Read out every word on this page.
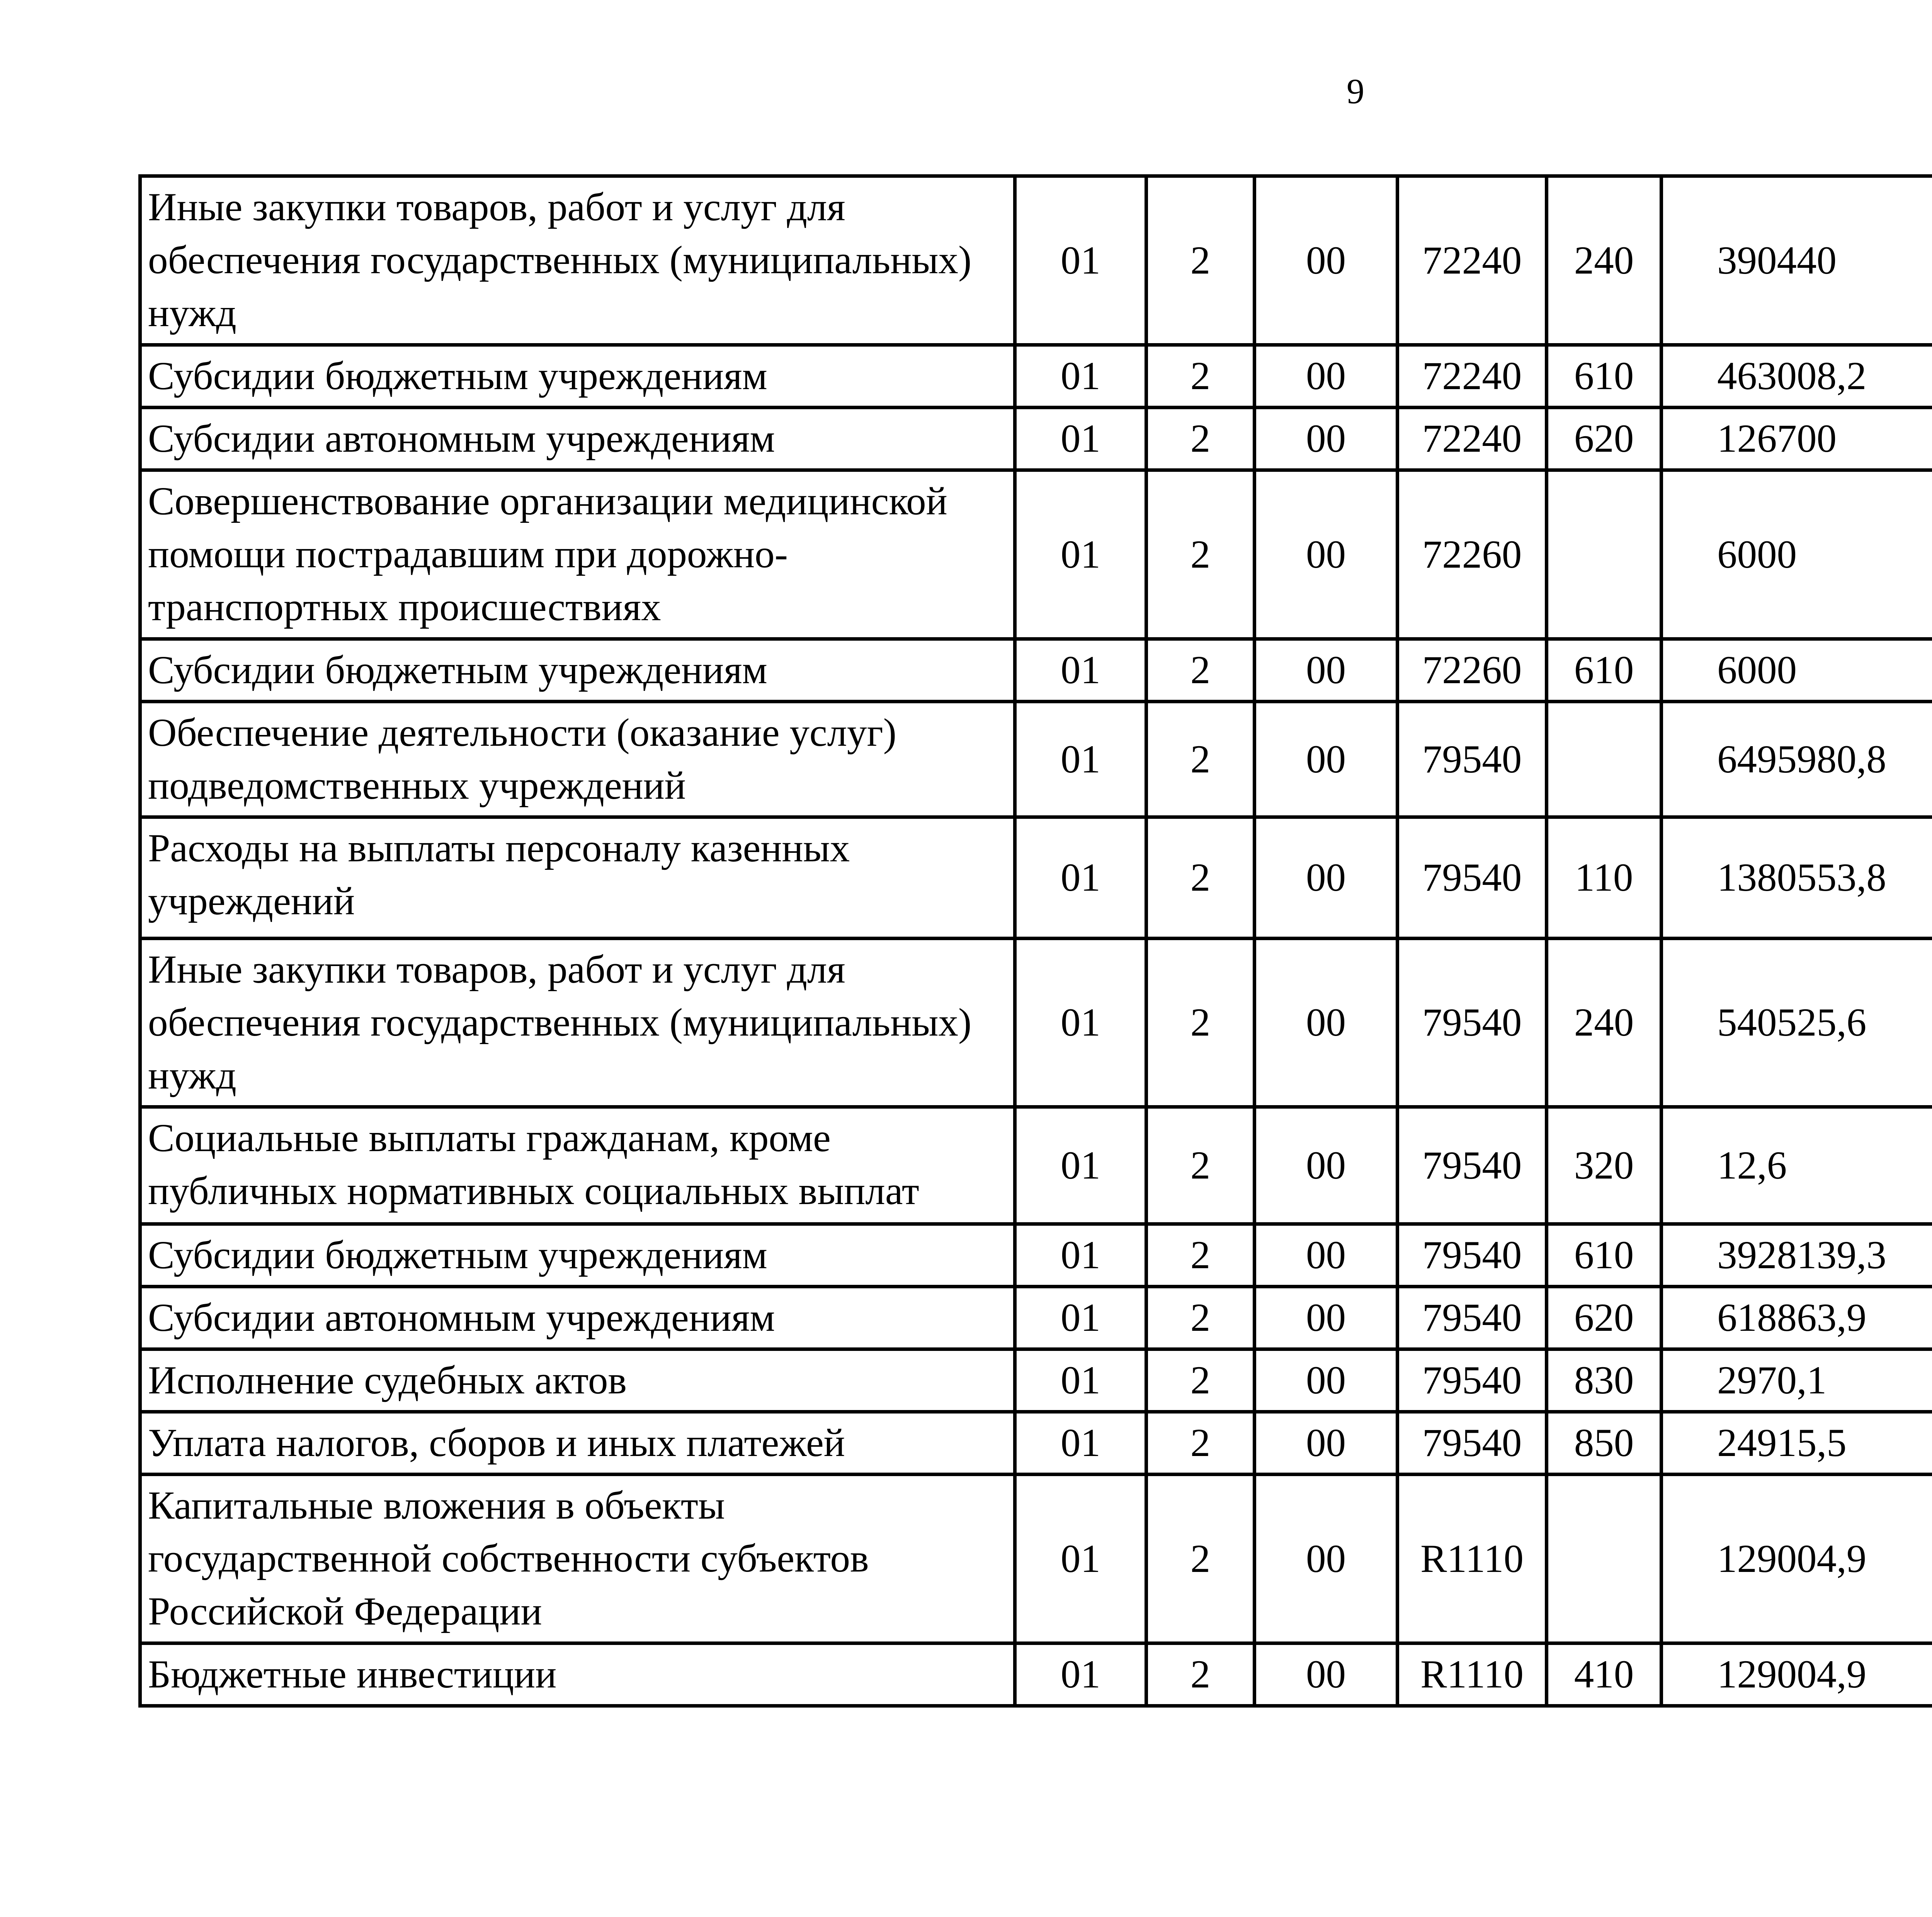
9
Иные закупки товаров, работ и услуг для обеспечения государственных (муниципальных) нужд	01	2	00	72240	240	390440		
Субсидии бюджетным учреждениям	01	2	00	72240	610	463008,2		
Субсидии автономным учреждениям	01	2	00	72240	620	126700		
Совершенствование организации медицинской помощи пострадавшим при дорожно-транспортных происшествиях	01	2	00	72260		6000		
Субсидии бюджетным учреждениям	01	2	00	72260	610	6000		
Обеспечение деятельности (оказание услуг) подведомственных учреждений	01	2	00	79540		6495980,8		
Расходы на выплаты персоналу казенных учреждений	01	2	00	79540	110	1380553,8		
Иные закупки товаров, работ и услуг для обеспечения государственных (муниципальных) нужд	01	2	00	79540	240	540525,6		
Социальные выплаты гражданам, кроме публичных нормативных социальных выплат	01	2	00	79540	320	12,6		
Субсидии бюджетным учреждениям	01	2	00	79540	610	3928139,3		
Субсидии автономным учреждениям	01	2	00	79540	620	618863,9		
Исполнение судебных актов	01	2	00	79540	830	2970,1		
Уплата налогов, сборов и иных платежей	01	2	00	79540	850	24915,5		
Капитальные вложения в объекты государственной собственности субъектов Российской Федерации	01	2	00	R1110		129004,9		
Бюджетные инвестиции	01	2	00	R1110	410	129004,9		
